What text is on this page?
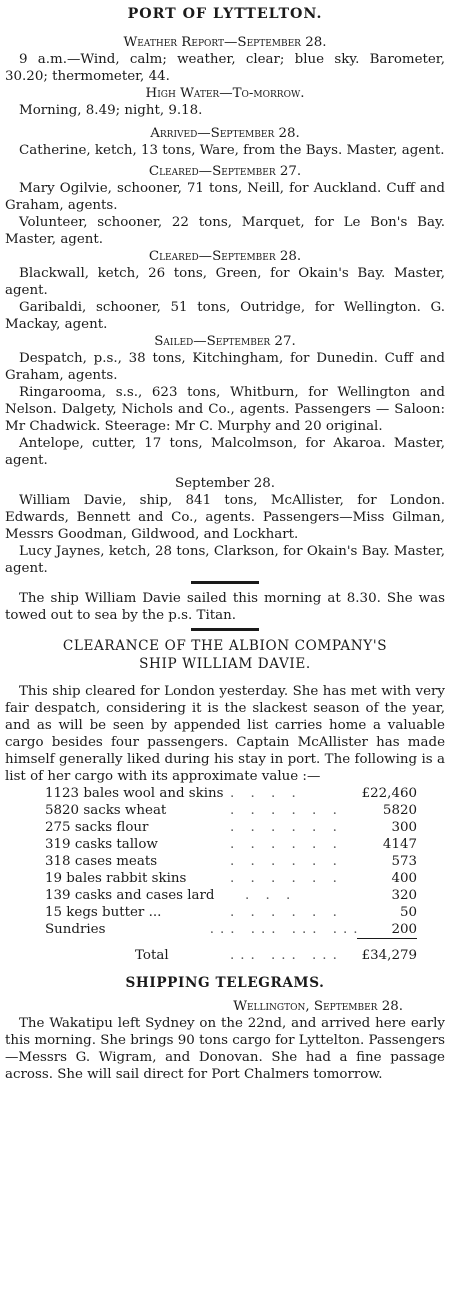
PORT OF LYTTELTON.
Weather Report—September 28.

9 a.m.—Wind, calm; weather, clear; blue sky. Barometer, 30.20; thermometer, 44.

High Water—To-morrow.

Morning, 8.49; night, 9.18.

Arrived—September 28.

Catherine, ketch, 13 tons, Ware, from the Bays. Master, agent.

Cleared—September 27.

Mary Ogilvie, schooner, 71 tons, Neill, for Auckland. Cuff and Graham, agents.

Volunteer, schooner, 22 tons, Marquet, for Le Bon's Bay. Master, agent.

Cleared—September 28.

Blackwall, ketch, 26 tons, Green, for Okain's Bay. Master, agent.

Garibaldi, schooner, 51 tons, Outridge, for Wellington. G. Mackay, agent.

Sailed—September 27.

Despatch, p.s., 38 tons, Kitchingham, for Dunedin. Cuff and Graham, agents.

Ringarooma, s.s., 623 tons, Whitburn, for Wellington and Nelson. Dalgety, Nichols and Co., agents. Passengers — Saloon: Mr Chadwick. Steerage: Mr C. Murphy and 20 original.

Antelope, cutter, 17 tons, Malcolmson, for Akaroa. Master, agent.

September 28.

William Davie, ship, 841 tons, McAllister, for London. Edwards, Bennett and Co., agents. Passengers—Miss Gilman, Messrs Goodman, Gildwood, and Lockhart.

Lucy Jaynes, ketch, 28 tons, Clarkson, for Okain's Bay. Master, agent.

The ship William Davie sailed this morning at 8.30. She was towed out to sea by the p.s. Titan.

CLEARANCE OF THE ALBION COMPANY'S
SHIP WILLIAM DAVIE.

This ship cleared for London yesterday. She has met with very fair despatch, considering it is the slackest season of the year, and as will be seen by appended list carries home a valuable cargo besides four passengers. Captain McAllister has made himself generally liked during his stay in port. The following is a list of her cargo with its approximate value :—

1123 bales wool and skins . . . .	£22,460
5820 sacks wheat	. . . . . .	5820
275 sacks flour	. . . . . .	300
319 casks tallow	. . . . . .	4147
318 cases meats	. . . . . .	573
19 bales rabbit skins	. . . . . .	400
139 casks and cases lard	. . .	320
15 kegs butter ...	. . . . . .	50
Sundries	... ... ... ...	200
Total	... ... ...	£34,279
SHIPPING TELEGRAMS.
Wellington, September 28.

The Wakatipu left Sydney on the 22nd, and arrived here early this morning. She brings 90 tons cargo for Lyttelton. Passengers—Messrs G. Wigram, and Donovan. She had a fine passage across. She will sail direct for Port Chalmers tomorrow.
